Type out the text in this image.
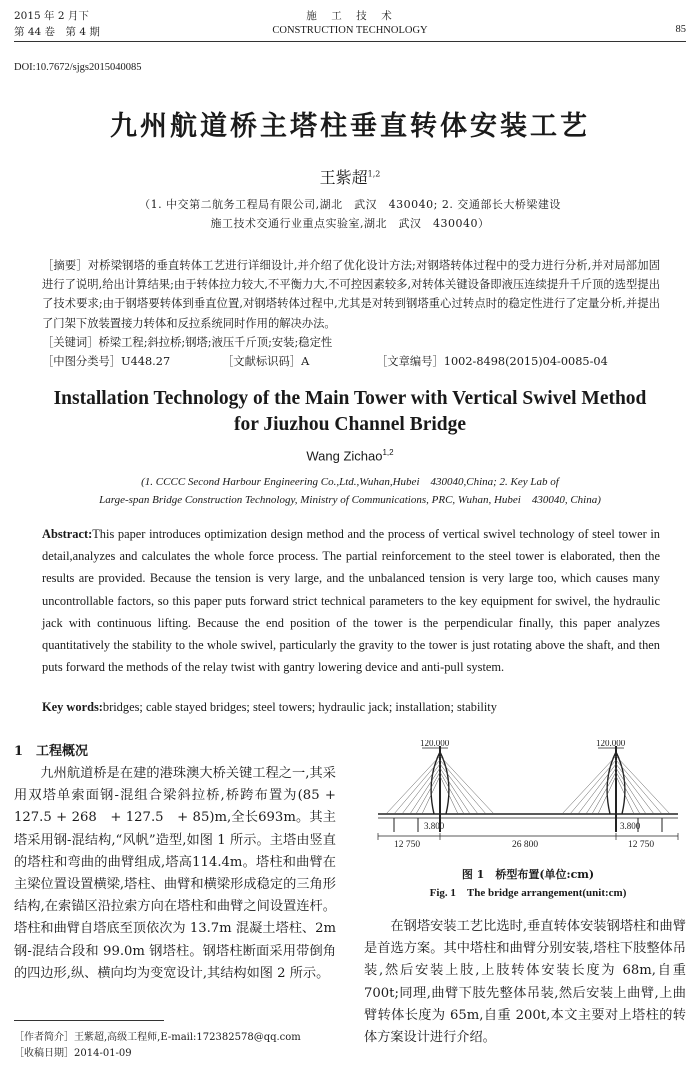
2015 年 2 月下
第 44 卷　第 4 期
施　工　技　术
CONSTRUCTION TECHNOLOGY	85
DOI:10.7672/sjgs2015040085
九州航道桥主塔柱垂直转体安装工艺
王紫超$^{1,2}$
（1. 中交第二航务工程局有限公司,湖北　武汉　430040; 2. 交通部长大桥梁建设
施工技术交通行业重点实验室,湖北　武汉　430040）
［摘要］对桥梁钢塔的垂直转体工艺进行详细设计,并介绍了优化设计方法;对钢塔转体过程中的受力进行分析,并对局部加固进行了说明,给出计算结果;由于转体拉力较大,不平衡力大,不可控因素较多,对转体关键设备即液压连续提升千斤顶的选型提出了技术要求;由于钢塔要转体到垂直位置,对钢塔转体过程中,尤其是对转到钢塔重心过转点时的稳定性进行了定量分析,并提出了门架下放装置接力转体和反拉系统同时作用的解决办法。
［关键词］桥梁工程;斜拉桥;钢塔;液压千斤顶;安装;稳定性
［中图分类号］U448.27	［文献标识码］A	［文章编号］1002-8498(2015)04-0085-04
Installation Technology of the Main Tower with Vertical Swivel Method
for Jiuzhou Channel Bridge
Wang Zichao$^{1,2}$
(1. CCCC Second Harbour Engineering Co.,Ltd.,Wuhan,Hubei　430040,China; 2. Key Lab of
Large-span Bridge Construction Technology, Ministry of Communications, PRC, Wuhan, Hubei　430040, China)
Abstract:This paper introduces optimization design method and the process of vertical swivel technology of steel tower in detail,analyzes and calculates the whole force process. The partial reinforcement to the steel tower is elaborated, then the results are provided. Because the tension is very large, and the unbalanced tension is very large too, which causes many uncontrollable factors, so this paper puts forward strict technical parameters to the key equipment for swivel, the hydraulic jack with continuous lifting. Because the end position of the tower is the perpendicular finally, this paper analyzes quantitatively the stability to the whole swivel, particularly the gravity to the tower is just rotating above the shaft, and then puts forward the methods of the relay twist with gantry lowering device and anti-pull system.
Key words:bridges; cable stayed bridges; steel towers; hydraulic jack; installation; stability
1　工程概况
九州航道桥是在建的港珠澳大桥关键工程之一,其采用双塔单索面钢-混组合梁斜拉桥,桥跨布置为(85 + 127.5 + 268　+ 127.5　+ 85)m,全长693m。其主塔采用钢-混结构,“风帆”造型,如图 1 所示。主塔由竖直的塔柱和弯曲的曲臂组成,塔高114.4m。塔柱和曲臂在主梁位置设置横梁,塔柱、曲臂和横梁形成稳定的三角形结构,在索锚区沿拉索方向在塔柱和曲臂之间设置连杆。塔柱和曲臂自塔底至顶依次为 13.7m 混凝土塔柱、2m 钢-混结合段和 99.0m 钢塔柱。钢塔柱断面采用带倒角的四边形,纵、横向均为变宽设计,其结构如图 2 所示。
120.000	120.000
3.800	3.800
12 750	26 800	12 750
图 1　桥型布置(单位:cm)
Fig. 1　The bridge arrangement(unit:cm)
在钢塔安装工艺比选时,垂直转体安装钢塔柱和曲臂是首选方案。其中塔柱和曲臂分别安装,塔柱下肢整体吊装,然后安装上肢,上肢转体安装长度为 68m,自重 700t;同理,曲臂下肢先整体吊装,然后安装上曲臂,上曲臂转体长度为 65m,自重 200t,本文主要对上塔柱的转体方案设计进行介绍。
［作者简介］王紫超,高级工程师,E-mail:172382578@qq.com
［收稿日期］2014-01-09
